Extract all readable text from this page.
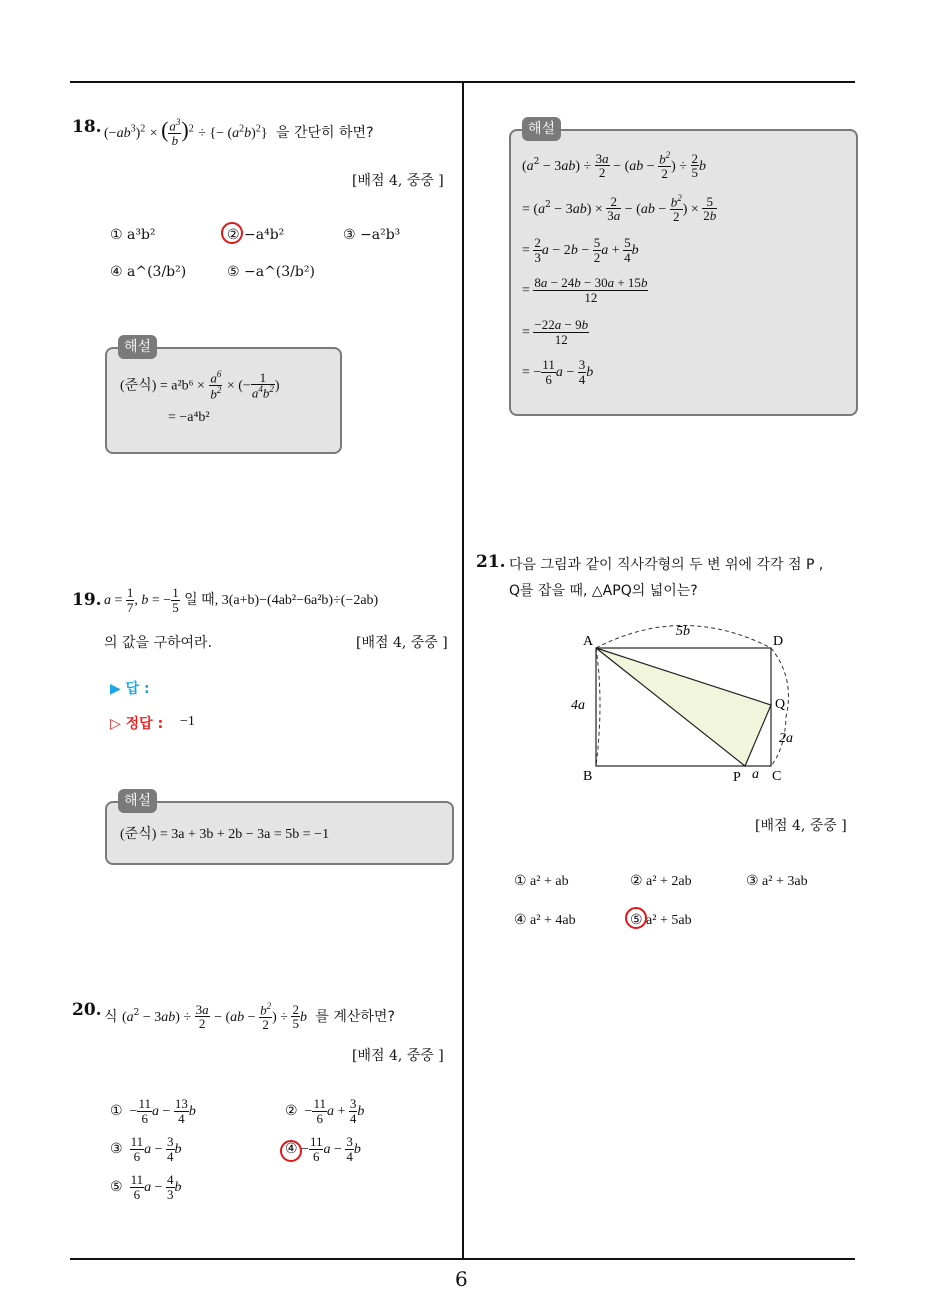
6
18. $(-ab^3)^2$ × ( $\frac{a^3}{b} )^2$ ÷ {− $(a^2b)^2$} 을 간단히 하면?
[배점 4, 중중 ]
① a³b²	② −a⁴b²	③ −a²b³
④ a^(3/b²)	⑤ −a^(3/b²)
해설
(준식) = $a^2b^6 \times \frac{a^6}{b^2}$ × (− $\frac{1}{a^4b^2}$ )
= −a⁴b²
19. $a = \frac{1}{7}$ , b = − $\frac{1}{5}$ 일 때, 3(a+b)−(4ab²−6a²b)÷(−2ab)
의 값을 구하여라.	[배점 4, 중중 ]
▶ 답 :
▷ 정답 : −1
해설
(준식) = 3a + 3b + 2b − 3a = 5b = −1
20. 식 $(a^2 - 3ab) \div \frac{3a}{2} - (ab - \frac{b^2}{2}$ ) ÷ $\frac{2}{5}$ b 를 계산하면?
[배점 4, 중중 ]
①  − $\frac{11}{6}$ $a - \frac{13}{4}$ b	②  − $\frac{11}{6}$ $a + \frac{3}{4}$ b
③ $\frac{11}{6}$ $a - \frac{3}{4}$ b	④ − $\frac{11}{6}$ $a - \frac{3}{4}$ b
⑤ $\frac{11}{6}$ $a - \frac{4}{3}$ b
해설
$(a^2 - 3ab) \div \frac{3a}{2} - (ab - \frac{b^2}{2}$ ) ÷ $\frac{2}{5}$ b
= $(a^2 - 3ab) \times \frac{2}{3a} - (ab - \frac{b^2}{2}$ ) × $\frac{5}{2b}$
= $\frac{2}{3}$ $a - 2b - \frac{5}{2}$ $a + \frac{5}{4}$ b
= $\frac{8a - 24b - 30a + 15b}{12}$
= $\frac{-22a - 9b}{12}$
= − $\frac{11}{6}$ $a - \frac{3}{4}$ b
21. 다음 그림과 같이 직사각형의 두 변 위에 각각 점 P ,
Q를 잡을 때, △APQ의 넓이는?
A	D
B	C
P
Q
5b
4a
2a
a
[배점 4, 중중 ]
① a² + ab	② a² + 2ab	③ a² + 3ab
④ a² + 4ab	⑤ a² + 5ab
